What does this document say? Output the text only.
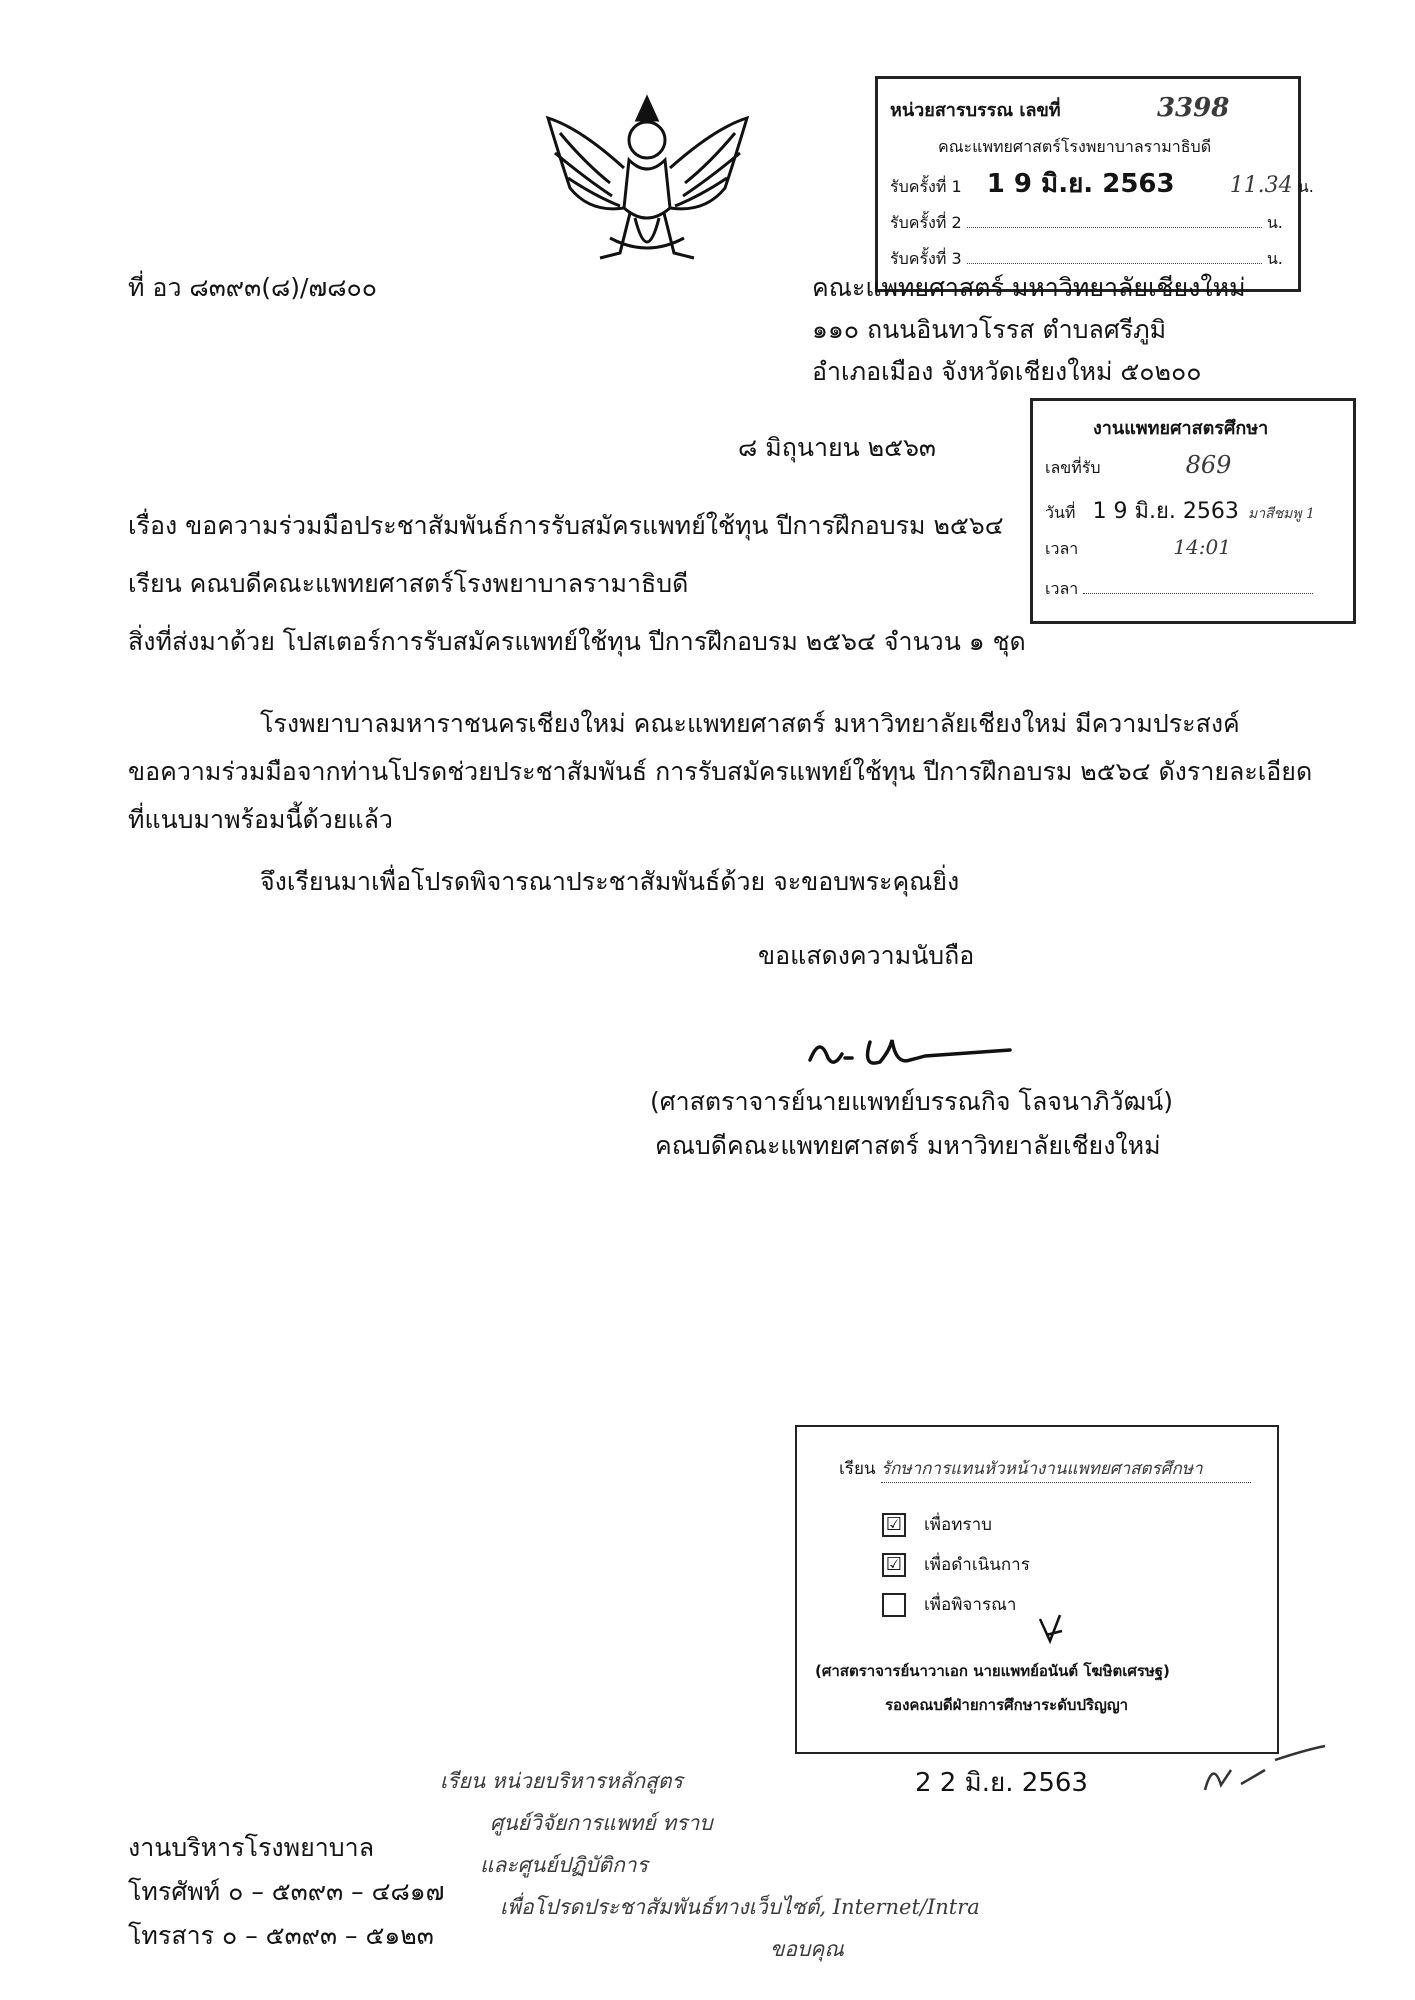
หน่วยสารบรรณ เลขที่	3398
คณะแพทยศาสตร์โรงพยาบาลรามาธิบดี
รับครั้งที่ 1 1 9 มิ.ย. 2563	11.34 น.
รับครั้งที่ 2	น.
รับครั้งที่ 3	น.
ที่ อว ๘๓๙๓(๘)/๗๘๐๐	คณะแพทยศาสตร์ มหาวิทยาลัยเชียงใหม่
๑๑๐ ถนนอินทวโรรส ตำบลศรีภูมิ
อำเภอเมือง จังหวัดเชียงใหม่ ๕๐๒๐๐
งานแพทยศาสตรศึกษา
เลขที่รับ	869
วันที่ 1 9 มิ.ย. 2563 มาสีชมพู 1
เวลา	14:01
เวลา
๘ มิถุนายน ๒๕๖๓
เรื่อง ขอความร่วมมือประชาสัมพันธ์การรับสมัครแพทย์ใช้ทุน ปีการฝึกอบรม ๒๕๖๔
เรียน คณบดีคณะแพทยศาสตร์โรงพยาบาลรามาธิบดี
สิ่งที่ส่งมาด้วย โปสเตอร์การรับสมัครแพทย์ใช้ทุน ปีการฝึกอบรม ๒๕๖๔ จำนวน ๑ ชุด
โรงพยาบาลมหาราชนครเชียงใหม่ คณะแพทยศาสตร์ มหาวิทยาลัยเชียงใหม่ มีความประสงค์
ขอความร่วมมือจากท่านโปรดช่วยประชาสัมพันธ์ การรับสมัครแพทย์ใช้ทุน ปีการฝึกอบรม ๒๕๖๔ ดังรายละเอียด
ที่แนบมาพร้อมนี้ด้วยแล้ว
จึงเรียนมาเพื่อโปรดพิจารณาประชาสัมพันธ์ด้วย จะขอบพระคุณยิ่ง
ขอแสดงความนับถือ
(ศาสตราจารย์นายแพทย์บรรณกิจ โลจนาภิวัฒน์)
คณบดีคณะแพทยศาสตร์ มหาวิทยาลัยเชียงใหม่
เรียน รักษาการแทนหัวหน้างานแพทยศาสตรศึกษา
☑ เพื่อทราบ
☑ เพื่อดำเนินการ
เพื่อพิจารณา
(ศาสตราจารย์นาวาเอก นายแพทย์อนันต์ โฆษิตเศรษฐ)
รองคณบดีฝ่ายการศึกษาระดับปริญญา
2 2 มิ.ย. 2563
เรียน หน่วยบริหารหลักสูตร
ศูนย์วิจัยการแพทย์ ทราบ
และศูนย์ปฏิบัติการ
เพื่อโปรดประชาสัมพันธ์ทางเว็บไซต์, Internet/Intra
ขอบคุณ
งานบริหารโรงพยาบาล
โทรศัพท์ ๐ – ๕๓๙๓ – ๔๘๑๗
โทรสาร ๐ – ๕๓๙๓ – ๕๑๒๓
